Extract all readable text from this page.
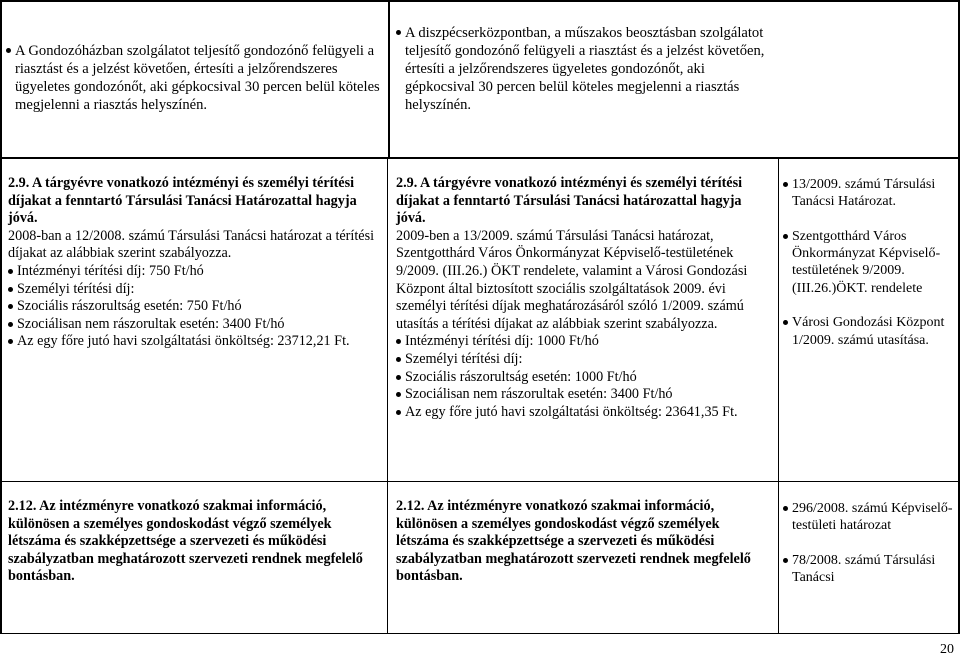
A Gondozóházban szolgálatot teljesítő gondozónő felügyeli a riasztást és a jelzést követően, értesíti a jelzőrendszeres ügyeletes gondozónőt, aki gépkocsival 30 percen belül köteles megjelenni a riasztás helyszínén.

A diszpécserközpontban, a műszakos beosztásban szolgálatot teljesítő gondozónő felügyeli a riasztást és a jelzést követően, értesíti a jelzőrendszeres ügyeletes gondozónőt, aki gépkocsival 30 percen belül köteles megjelenni a riasztás helyszínén.

2.9. A tárgyévre vonatkozó intézményi és személyi térítési díjakat a fenntartó Társulási Tanácsi Határozattal hagyja jóvá.

2008-ban a 12/2008. számú Társulási Tanácsi határozat a térítési díjakat az alábbiak szerint szabályozza.

Intézményi térítési díj: 750 Ft/hó

Személyi térítési díj:

Szociális rászorultság esetén: 750 Ft/hó

Szociálisan nem rászorultak esetén: 3400 Ft/hó

Az egy főre jutó havi szolgáltatási önköltség: 23712,21 Ft.

2.9. A tárgyévre vonatkozó intézményi és személyi térítési díjakat a fenntartó Társulási Tanácsi határozattal hagyja jóvá.

2009-ben a 13/2009. számú Társulási Tanácsi határozat, Szentgotthárd Város Önkormányzat Képviselő-testületének 9/2009. (III.26.) ÖKT rendelete, valamint a Városi Gondozási Központ által biztosított szociális szolgáltatások 2009. évi személyi térítési díjak meghatározásáról szóló 1/2009. számú utasítás a térítési díjakat az alábbiak szerint szabályozza.

Intézményi térítési díj: 1000 Ft/hó

Személyi térítési díj:

Szociális rászorultság esetén: 1000 Ft/hó

Szociálisan nem rászorultak esetén: 3400 Ft/hó

Az egy főre jutó havi szolgáltatási önköltség: 23641,35 Ft.

13/2009. számú Társulási Tanácsi Határozat.

Szentgotthárd Város Önkormányzat Képviselő-testületének 9/2009. (III.26.)ÖKT. rendelete

Városi Gondozási Központ 1/2009. számú utasítása.

2.12. Az intézményre vonatkozó szakmai információ, különösen a személyes gondoskodást végző személyek létszáma és szakképzettsége a szervezeti és működési szabályzatban meghatározott szervezeti rendnek megfelelő bontásban.

2.12. Az intézményre vonatkozó szakmai információ, különösen a személyes gondoskodást végző személyek létszáma és szakképzettsége a szervezeti és működési szabályzatban meghatározott szervezeti rendnek megfelelő bontásban.

296/2008. számú Képviselő-testületi határozat

78/2008. számú Társulási Tanácsi

20
